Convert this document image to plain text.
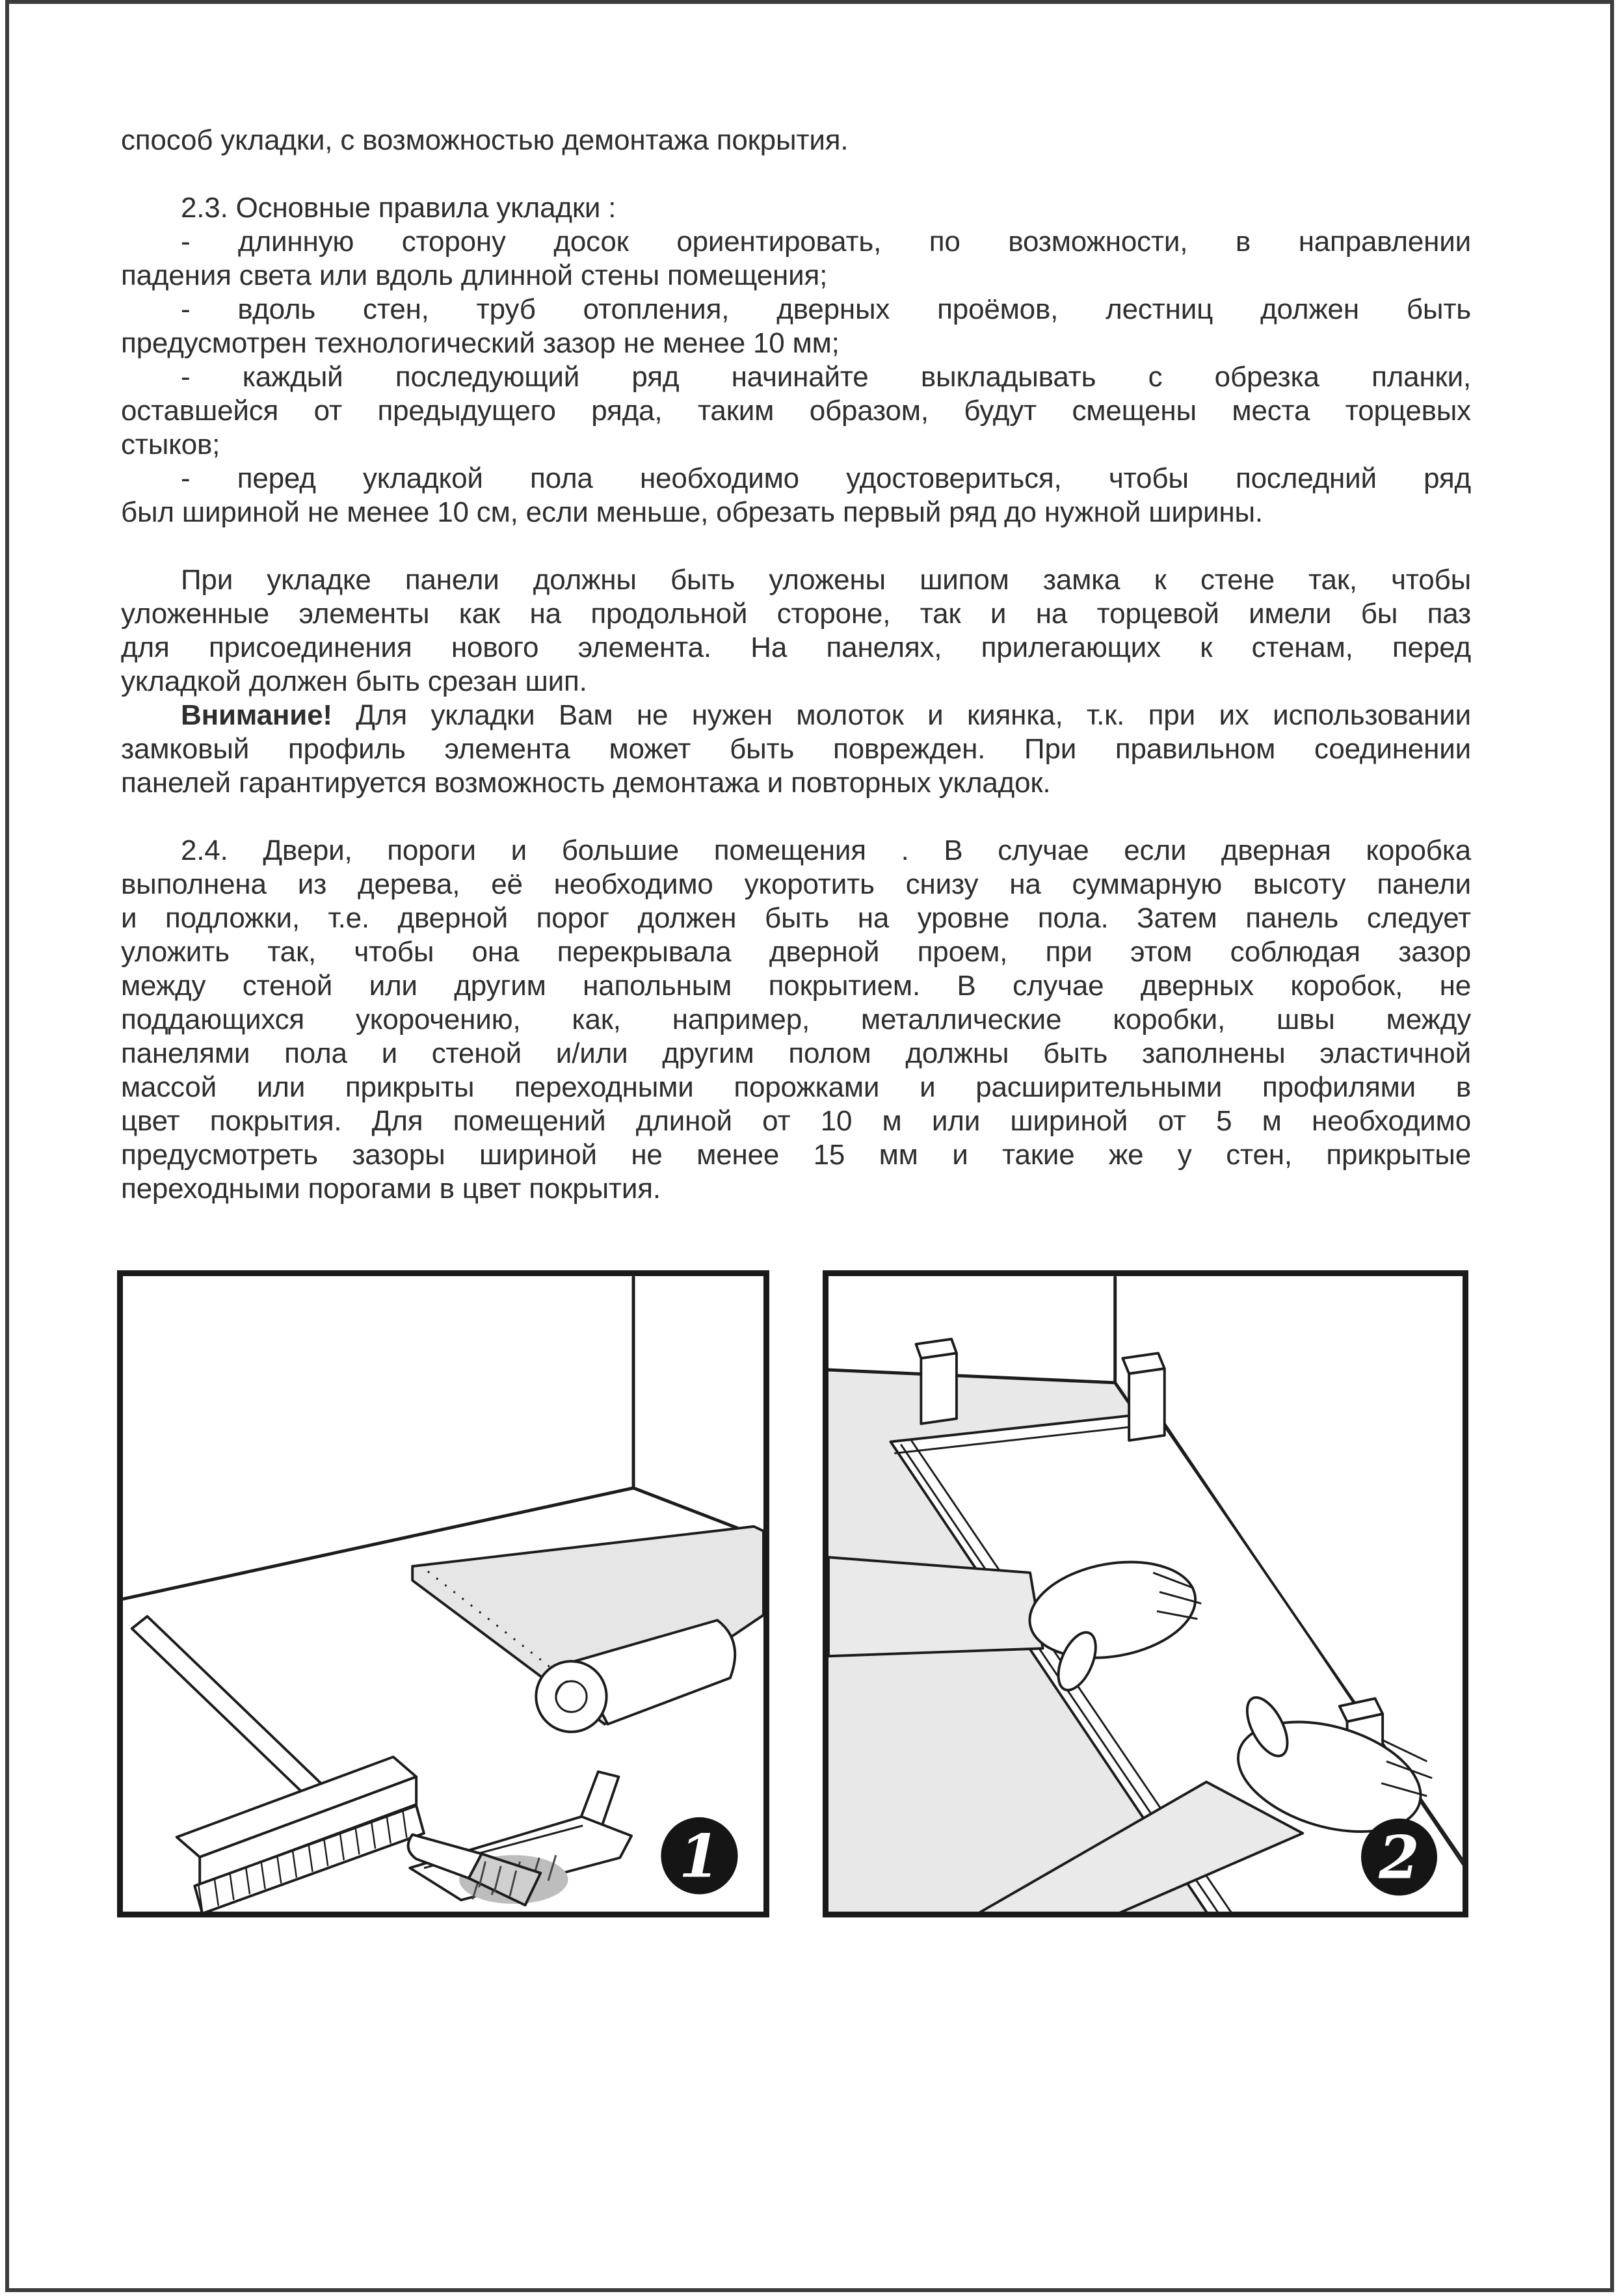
способ укладки, с возможностью демонтажа покрытия.
2.3. Основные правила укладки :
- длинную сторону досок ориентировать, по возможности, в направлении
падения света или вдоль длинной стены помещения;
- вдоль стен, труб отопления, дверных проёмов, лестниц должен быть
предусмотрен технологический зазор не менее 10 мм;
- каждый последующий ряд начинайте выкладывать с обрезка планки,
оставшейся от предыдущего ряда, таким образом, будут смещены места торцевых
стыков;
- перед укладкой пола необходимо удостовериться, чтобы последний ряд
был шириной не менее 10 см, если меньше, обрезать первый ряд до нужной ширины.
При укладке панели должны быть уложены шипом замка к стене так, чтобы
уложенные элементы как на продольной стороне, так и на торцевой имели бы паз
для присоединения нового элемента. На панелях, прилегающих к стенам, перед
укладкой должен быть срезан шип.
Внимание! Для укладки Вам не нужен молоток и киянка, т.к. при их использовании
замковый профиль элемента может быть поврежден. При правильном соединении
панелей гарантируется возможность демонтажа и повторных укладок.
2.4. Двери, пороги и большие помещения . В случае если дверная коробка
выполнена из дерева, её необходимо укоротить снизу на суммарную высоту панели
и подложки, т.е. дверной порог должен быть на уровне пола. Затем панель следует
уложить так, чтобы она перекрывала дверной проем, при этом соблюдая зазор
между стеной или другим напольным покрытием. В случае дверных коробок, не
поддающихся укорочению, как, например, металлические коробки, швы между
панелями пола и стеной и/или другим полом должны быть заполнены эластичной
массой или прикрыты переходными порожками и расширительными профилями в
цвет покрытия. Для помещений длиной от 10 м или шириной от 5 м необходимо
предусмотреть зазоры шириной не менее 15 мм и такие же у стен, прикрытые
переходными порогами в цвет покрытия.
1	2
